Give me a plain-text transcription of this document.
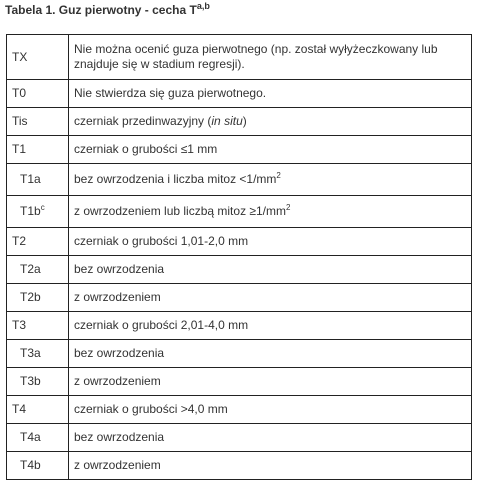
Tabela 1. Guz pierwotny - cecha T$^{a,b}$
TX	Nie można ocenić guza pierwotnego (np. został wyłyżeczkowany lub znajduje się w stadium regresji).
T0	Nie stwierdza się guza pierwotnego.
Tis	czerniak przedinwazyjny (in situ)
T1	czerniak o grubości ≤1 mm
T1a	bez owrzodzenia i liczba mitoz $<1/mm^2$
$T1b^c$	z owrzodzeniem lub liczbą mitoz $\ge 1/mm^2$
T2	czerniak o grubości 1,01-2,0 mm
T2a	bez owrzodzenia
T2b	z owrzodzeniem
T3	czerniak o grubości 2,01-4,0 mm
T3a	bez owrzodzenia
T3b	z owrzodzeniem
T4	czerniak o grubości >4,0 mm
T4a	bez owrzodzenia
T4b	z owrzodzeniem
